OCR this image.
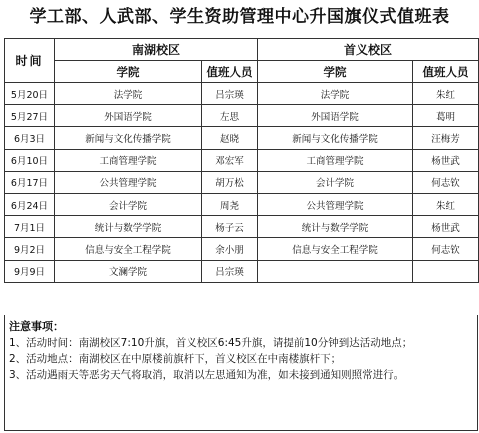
学工部、人武部、学生资助管理中心升国旗仪式值班表
时间	南湖校区		首义校区	
	学院	值班人员	学院	值班人员
5月20日	法学院	吕宗瑛	法学院	朱红
5月27日	外国语学院	左思	外国语学院	葛明
6月3日	新闻与文化传播学院	赵晓	新闻与文化传播学院	汪梅芳
6月10日	工商管理学院	邓宏军	工商管理学院	杨世武
6月17日	公共管理学院	胡万松	会计学院	何志钦
6月24日	会计学院	周尧	公共管理学院	朱红
7月1日	统计与数学学院	杨子云	统计与数学学院	杨世武
9月2日	信息与安全工程学院	余小朋	信息与安全工程学院	何志钦
9月9日	文澜学院	吕宗瑛		

注意事项：

1、活动时间：南湖校区7:10升旗，首义校区6:45升旗，请提前10分钟到达活动地点；

2、活动地点：南湖校区在中原楼前旗杆下，首义校区在中南楼旗杆下；

3、活动遇雨天等恶劣天气将取消，取消以左思通知为准，如未接到通知则照常进行。
